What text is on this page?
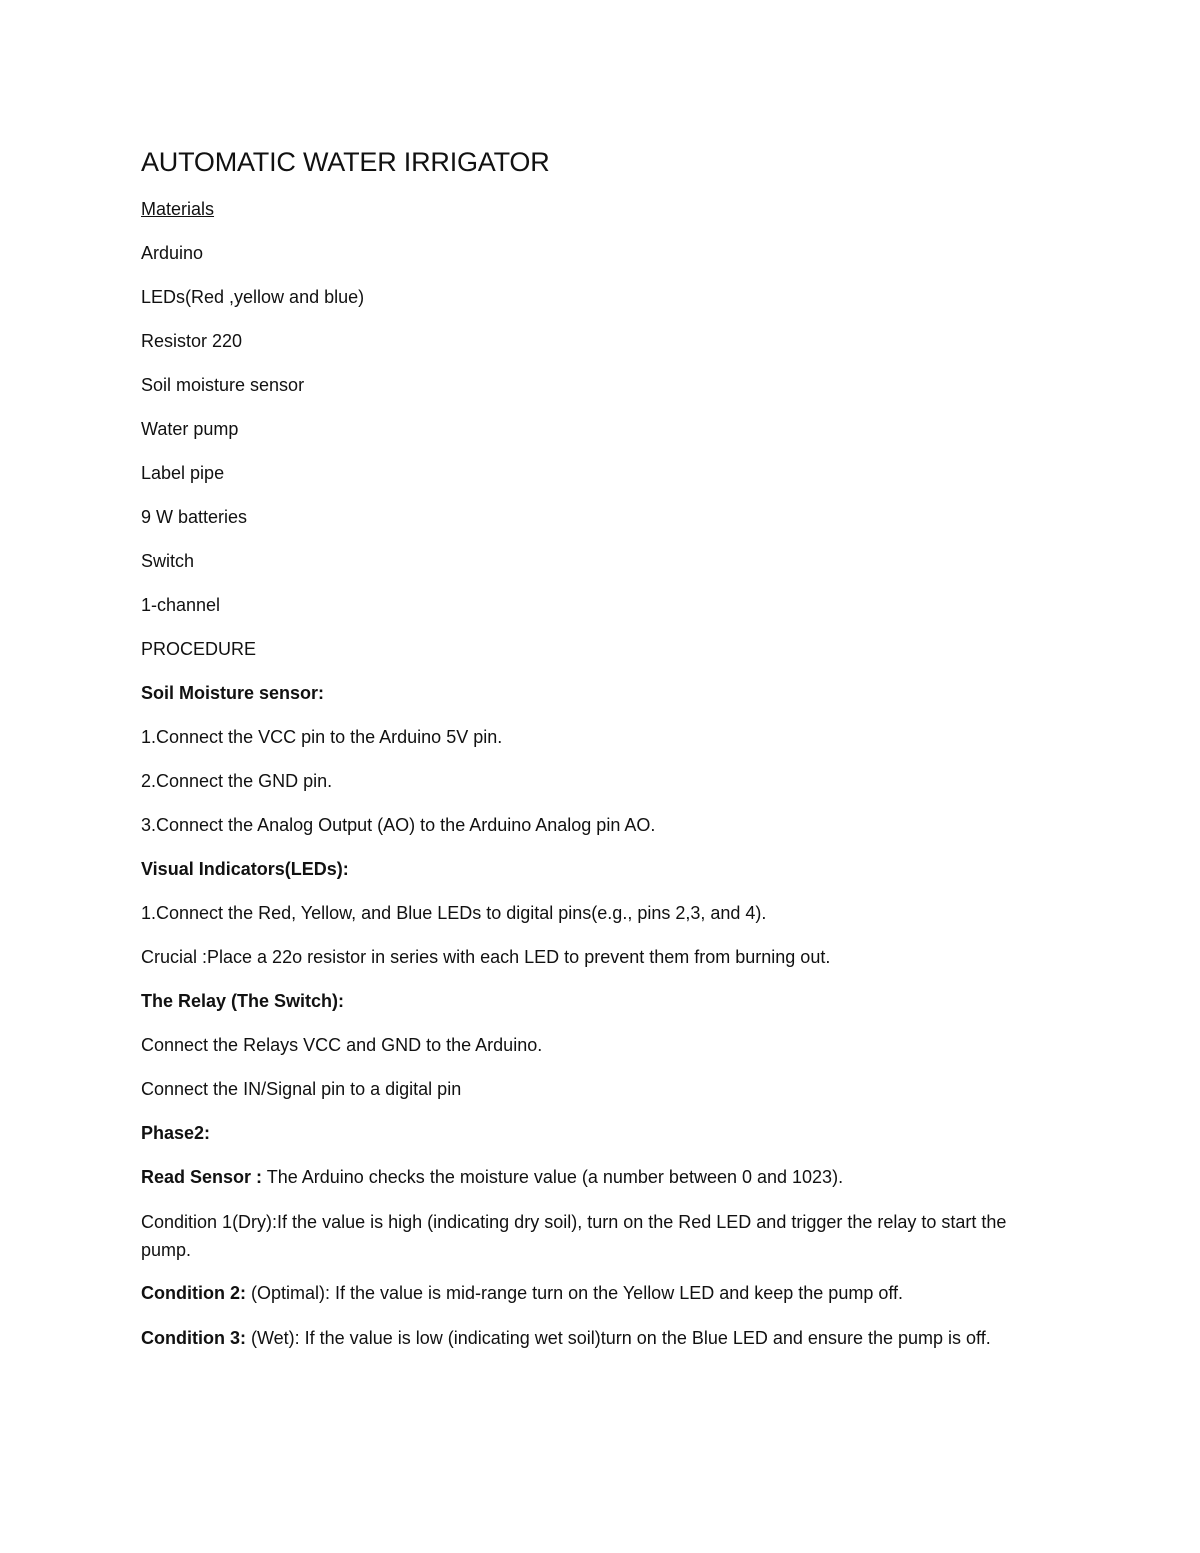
AUTOMATIC WATER IRRIGATOR
Materials
Arduino
LEDs(Red ,yellow and blue)
Resistor 220
Soil moisture sensor
Water pump
Label pipe
9 W batteries
Switch
1-channel
PROCEDURE
Soil Moisture sensor:
1.Connect the VCC pin to the Arduino 5V pin.
2.Connect the GND pin.
3.Connect the Analog Output (AO) to the Arduino Analog pin AO.
Visual Indicators(LEDs):
1.Connect the Red, Yellow, and Blue LEDs to digital pins(e.g., pins 2,3, and 4).
Crucial :Place a 22o resistor in series with each LED to prevent them from burning out.
The Relay (The Switch):
Connect the Relays VCC and GND to the Arduino.
Connect the IN/Signal pin to a digital pin
Phase2:
Read Sensor : The Arduino checks the moisture value (a number between 0 and 1023).
Condition 1(Dry):If the value is high (indicating dry soil), turn on the Red LED and trigger the relay to start the pump.
Condition 2: (Optimal): If the value is mid-range turn on the Yellow LED and keep the pump off.
Condition 3: (Wet): If the value is low (indicating wet soil)turn on the Blue LED and ensure the pump is off.
